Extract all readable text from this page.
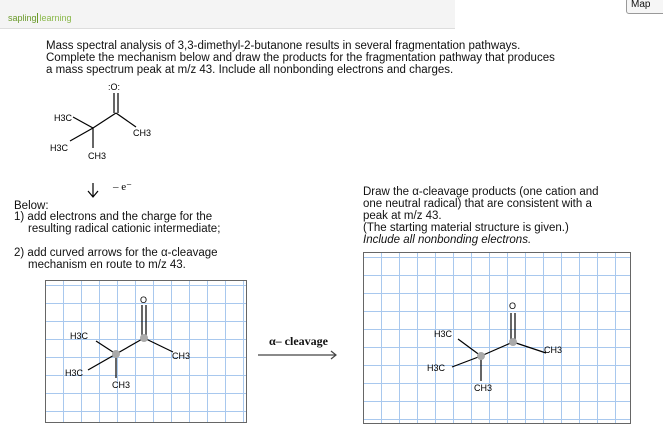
sapling learning
Map

Mass spectral analysis of 3,3-dimethyl-2-butanone results in several fragmentation pathways.

Complete the mechanism below and draw the products for the fragmentation pathway that produces

a mass spectrum peak at m/z 43. Include all nonbonding electrons and charges.

:O:
H3C
CH3
H3C
CH3
– e⁻

Below:

1) add electrons and the charge for the

resulting radical cationic intermediate;

2) add curved arrows for the α-cleavage

mechanism en route to m/z 43.

Draw the α-cleavage products (one cation and

one neutral radical) that are consistent with a

peak at m/z 43.

(The starting material structure is given.)

Include all nonbonding electrons.

O
H3C
CH3
H3C
CH3
α– cleavage
O
H3C
CH3
H3C
CH3
